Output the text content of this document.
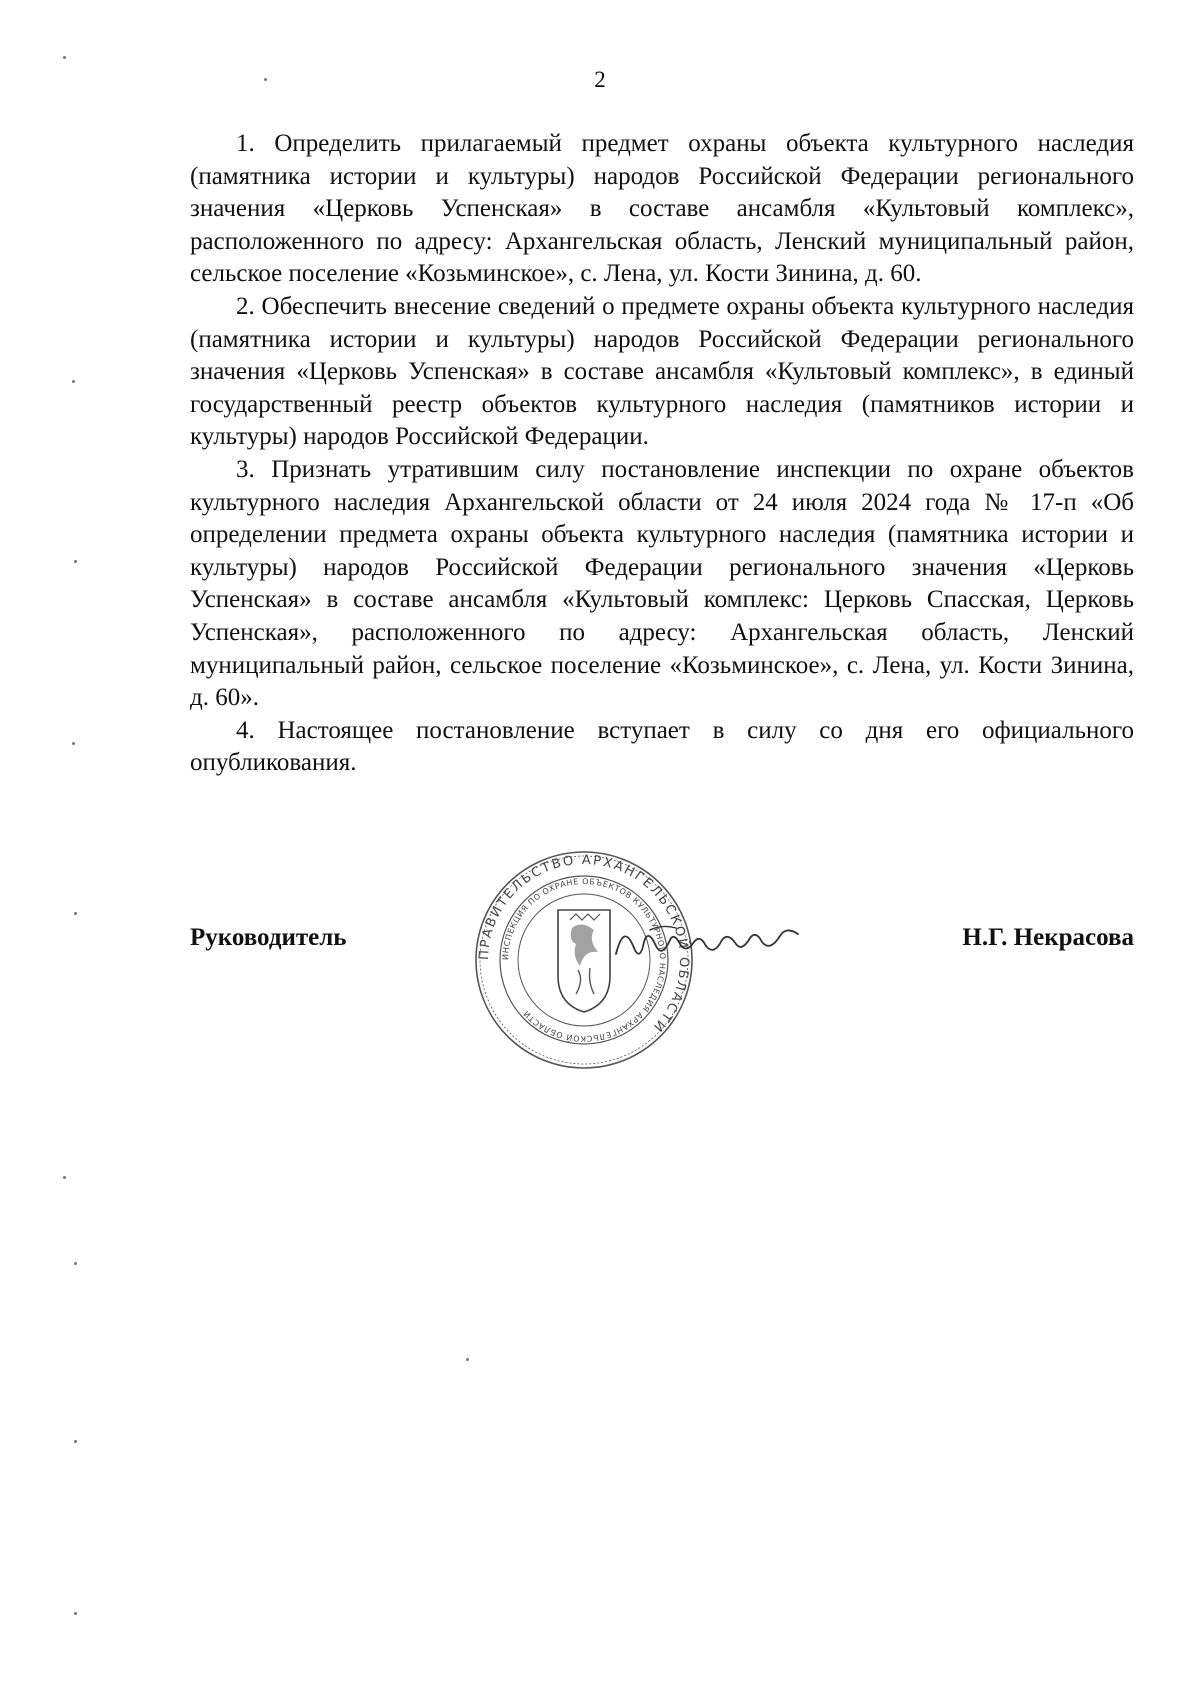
2

1. Определить прилагаемый предмет охраны объекта культурного наследия (памятника истории и культуры) народов Российской Федерации регионального значения «Церковь Успенская» в составе ансамбля «Культовый комплекс», расположенного по адресу: Архангельская область, Ленский муниципальный район, сельское поселение «Козьминское», с. Лена, ул. Кости Зинина, д. 60.

2. Обеспечить внесение сведений о предмете охраны объекта культурного наследия (памятника истории и культуры) народов Российской Федерации регионального значения «Церковь Успенская» в составе ансамбля «Культовый комплекс», в единый государственный реестр объектов культурного наследия (памятников истории и культуры) народов Российской Федерации.

3. Признать утратившим силу постановление инспекции по охране объектов культурного наследия Архангельской области от 24 июля 2024 года № 17-п «Об определении предмета охраны объекта культурного наследия (памятника истории и культуры) народов Российской Федерации регионального значения «Церковь Успенская» в составе ансамбля «Культовый комплекс: Церковь Спасская, Церковь Успенская», расположенного по адресу: Архангельская область, Ленский муниципальный район, сельское поселение «Козьминское», с. Лена, ул. Кости Зинина, д. 60».

4. Настоящее постановление вступает в силу со дня его официального опубликования.

ПРАВИТЕЛЬСТВО АРХАНГЕЛЬСКОЙ ОБЛАСТИ
ИНСПЕКЦИЯ ПО ОХРАНЕ ОБЪЕКТОВ КУЛЬТУРНОГО НАСЛЕДИЯ АРХАНГЕЛЬСКОЙ ОБЛАСТИ
Руководитель	Н.Г. Некрасова
